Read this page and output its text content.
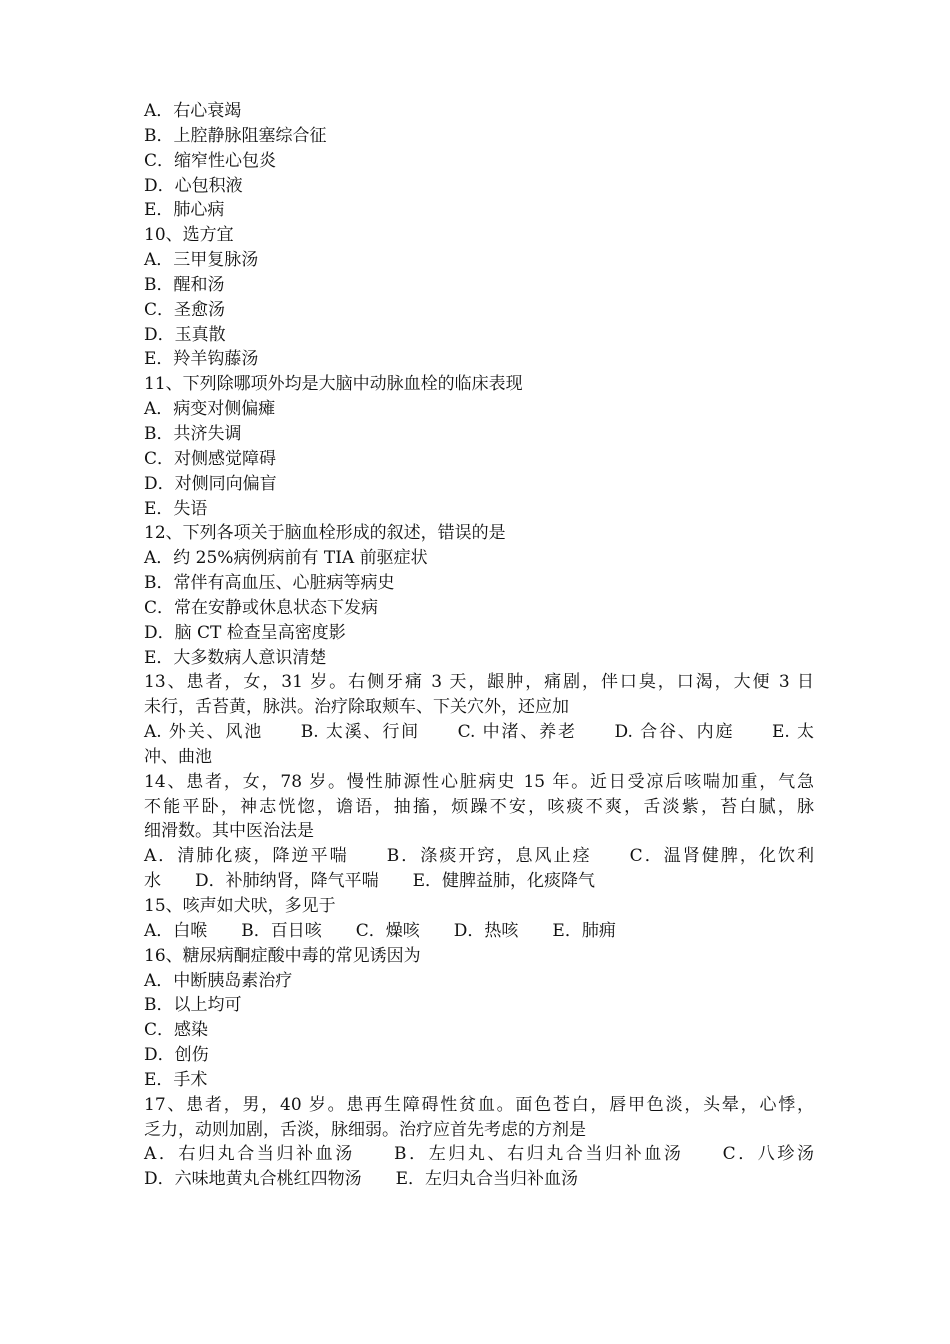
A．右心衰竭
B．上腔静脉阻塞综合征
C．缩窄性心包炎
D．心包积液
E．肺心病
10、选方宜
A．三甲复脉汤
B．醒和汤
C．圣愈汤
D．玉真散
E．羚羊钩藤汤
11、下列除哪项外均是大脑中动脉血栓的临床表现
A．病变对侧偏瘫
B．共济失调
C．对侧感觉障碍
D．对侧同向偏盲
E．失语
12、下列各项关于脑血栓形成的叙述，错误的是
A．约 25%病例病前有 TIA 前驱症状
B．常伴有高血压、心脏病等病史
C．常在安静或休息状态下发病
D．脑 CT 检查呈高密度影
E．大多数病人意识清楚
13、患者，女，31 岁。右侧牙痛 3 天，龈肿，痛剧，伴口臭，口渴，大便 3 日
未行，舌苔黄，脉洪。治疗除取颊车、下关穴外，还应加
A. 外关、风池　　B. 太溪、行间　　C. 中渚、养老　　D. 合谷、内庭　　E. 太
冲、曲池
14、患者，女，78 岁。慢性肺源性心脏病史 15 年。近日受凉后咳喘加重，气急
不能平卧，神志恍惚，谵语，抽搐，烦躁不安，咳痰不爽，舌淡紫，苔白腻，脉
细滑数。其中医治法是
A．清肺化痰，降逆平喘　　B．涤痰开窍，息风止痉　　C．温肾健脾，化饮利
水　　D．补肺纳肾，降气平喘　　E．健脾益肺，化痰降气
15、咳声如犬吠，多见于
A．白喉　　B．百日咳　　C．燥咳　　D．热咳　　E．肺痈
16、糖尿病酮症酸中毒的常见诱因为
A．中断胰岛素治疗
B．以上均可
C．感染
D．创伤
E．手术
17、患者，男，40 岁。患再生障碍性贫血。面色苍白，唇甲色淡，头晕，心悸，
乏力，动则加剧，舌淡，脉细弱。治疗应首先考虑的方剂是
A．右归丸合当归补血汤　　B．左归丸、右归丸合当归补血汤　　C．八珍汤
D．六味地黄丸合桃红四物汤　　E．左归丸合当归补血汤
